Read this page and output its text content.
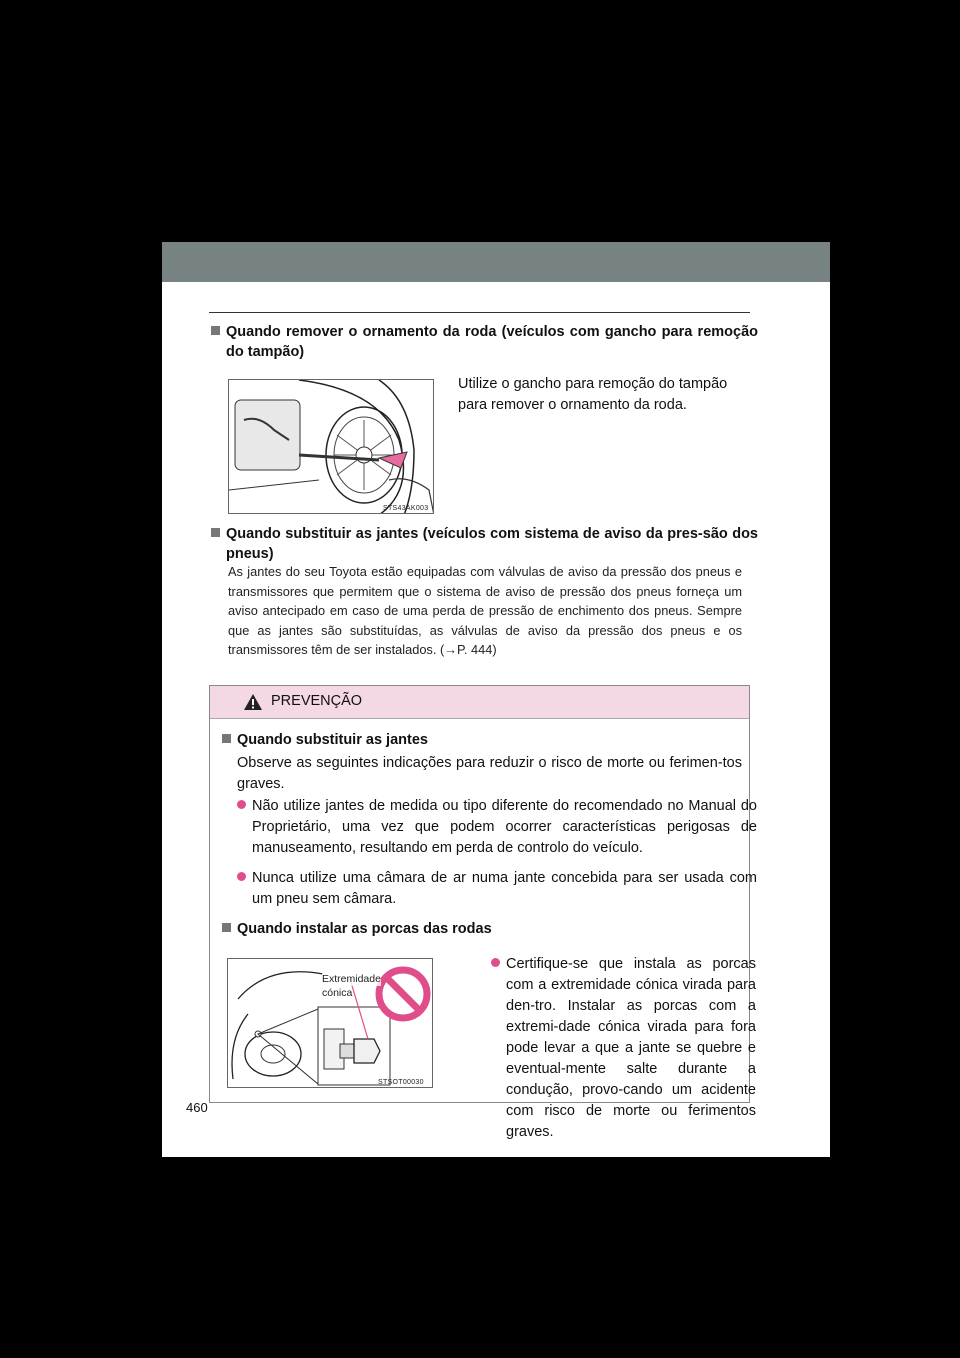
Quando remover o ornamento da roda (veículos com gancho para remoção do tampão)
STS43AK003
Utilize o gancho para remoção do tampão para remover o ornamento da roda.
Quando substituir as jantes (veículos com sistema de aviso da pres-são dos pneus)
As jantes do seu Toyota estão equipadas com válvulas de aviso da pressão dos pneus e transmissores que permitem que o sistema de aviso de pressão dos pneus forneça um aviso antecipado em caso de uma perda de pressão de enchimento dos pneus. Sempre que as jantes são substituídas, as válvulas de aviso da pressão dos pneus e os transmissores têm de ser instalados. (→P. 444)
PREVENÇÃO
Quando substituir as jantes
Observe as seguintes indicações para reduzir o risco de morte ou ferimen-tos graves.
Não utilize jantes de medida ou tipo diferente do recomendado no Manual do Proprietário, uma vez que podem ocorrer características perigosas de manuseamento, resultando em perda de controlo do veículo.
Nunca utilize uma câmara de ar numa jante concebida para ser usada com um pneu sem câmara.
Quando instalar as porcas das rodas
Extremidade
cónica
STSOT00030
Certifique-se que instala as porcas com a extremidade cónica virada para den-tro. Instalar as porcas com a extremi-dade cónica virada para fora pode levar a que a jante se quebre e eventual-mente salte durante a condução, provo-cando um acidente com risco de morte ou ferimentos graves.
460
